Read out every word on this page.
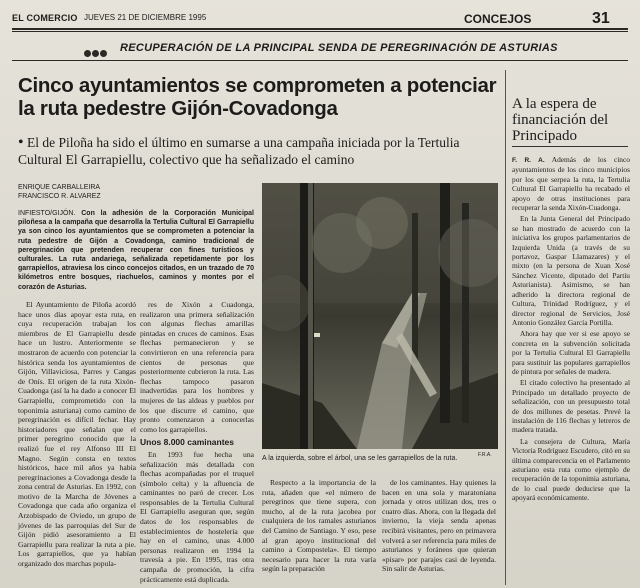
EL COMERCIO JUEVES 21 DE DICIEMBRE 1995	CONCEJOS	31
RECUPERACIÓN DE LA PRINCIPAL SENDA DE PEREGRINACIÓN DE ASTURIAS
Cinco ayuntamientos se comprometen a potenciar la ruta pedestre Gijón-Covadonga
• El de Piloña ha sido el último en sumarse a una campaña iniciada por la Tertulia Cultural El Garrapiellu, colectivo que ha señalizado el camino
ENRIQUE CARBALLEIRA
FRANCISCO R. ALVAREZ
INFIESTO/GIJÓN. Con la adhesión de la Corporación Municipal piloñesa a la campaña que desarrolla la Tertulia Cultural El Garrapiellu ya son cinco los ayuntamientos que se comprometen a potenciar la ruta pedestre de Gijón a Covadonga, camino tradicional de peregrinación que pretenden recuperar con fines turísticos y culturales. La ruta andariega, señalizada repetidamente por los garrapiellos, atraviesa los cinco concejos citados, en un trazado de 70 kilómetros entre bosques, riachuelos, caminos y montes por el corazón de Asturias.

El Ayuntamiento de Piloña acordó hace unos días apoyar esta ruta, en cuya recuperación trabajan los miembros de El Garrapiellu desde hace un lustro. Anteriormente se mostraron de acuerdo con potenciar la histórica senda los ayuntamientos de Gijón, Villaviciosa, Parres y Cangas de Onís. El origen de la ruta Xixón-Cuadonga (así la ha dado a conocer El Garrapiellu, comprometido con la toponimia asturiana) como camino de peregrinación es difícil fechar. Hay historiadores que señalan que el primer peregrino conocido que la realizó fue el rey Alfonso III El Magno. Según consta en textos históricos, hace mil años ya había peregrinaciones a Covadonga desde la zona central de Asturias. En 1992, con motivo de la Marcha de Jóvenes a Covadonga que cada año organiza el Arzobispado de Oviedo, un grupo de jóvenes de las parroquias del Sur de Gijón pidió asesoramiento a El Garrapiellu para realizar la ruta a pie. Los garrapiellos, que ya habían organizado dos marchas popula-

res de Xixón a Cuadonga, realizaron una primera señalización con algunas flechas amarillas pintadas en cruces de caminos. Esas flechas permanecieron y se convirtieron en una referencia para cientos de personas que posteriormente cubrieron la ruta. Las flechas tampoco pasaron inadvertidas para los hombres y mujeres de las aldeas y pueblos por los que discurre el camino, que pronto comenzaron a conocerlas como los garrapiellos.

Unos 8.000 caminantes

En 1993 fue hecha una señalización más detallada con flechas acompañadas por el truquel (símbolo celta) y la afluencia de caminantes no paró de crecer. Los responsables de la Tertulia Cultural El Garrapiellu aseguran que, según datos de los responsables de establecimientos de hostelería que hay en el camino, unas 4.000 personas realizaron en 1994 la travesía a pie. En 1995, tras otra campaña de promoción, la cifra prácticamente está duplicada.

F.R.A.
A la izquierda, sobre el árbol, una se les garrapiellos de la ruta.

Respecto a la importancia de la ruta, añaden que «el número de peregrinos que tiene supera, con mucho, al de la ruta jacobea por cualquiera de los ramales asturianos del Camino de Santiago. Y eso, pese al gran apoyo institucional del camino a Compostela». El tiempo necesario para hacer la ruta varía según la preparación

de los caminantes. Hay quienes la hacen en una sola y maratoniana jornada y otros utilizan dos, tres o cuatro días. Ahora, con la llegada del invierno, la vieja senda apenas recibirá visitantes, pero en primavera volverá a ser referencia para miles de asturianos y foráneos que quieran «pisar» por parajes casi de leyenda. Sin salir de Asturias.

A la espera de financiación del Principado

F. R. A. Además de los cinco ayuntamientos de los cinco municipios por los que serpea la ruta, la Tertulia Cultural El Garrapiellu ha recabado el apoyo de otras instituciones para recuperar la senda Xixón-Cuadonga.

En la Junta General del Principado se han mostrado de acuerdo con la iniciativa los grupos parlamentarios de Izquierda Unida (a través de su portavoz, Gaspar Llamazares) y el mixto (en la persona de Xuan Xosé Sánchez Vicente, diputado del Partíu Asturianista). Asimismo, se han adherido la directora regional de Cultura, Trinidad Rodríguez, y el director regional de Servicios, José Antonio González García Portilla.

Ahora hay que ver si ese apoyo se concreta en la subvención solicitada por la Tertulia Cultural El Garrapiellu para sustituir las populares garrapiellos de pintura por señales de madera.

El citado colectivo ha presentado al Principado un detallado proyecto de señalización, con un presupuesto total de dos millones de pesetas. Prevé la instalación de 116 flechas y letreros de madera tratada.

La consejera de Cultura, María Victoria Rodríguez Escudero, citó en su última comparecencia en el Parlamento asturiano esta ruta como ejemplo de recuperación de la toponimia asturiana, de lo cual puede deducirse que la apoyará económicamente.
